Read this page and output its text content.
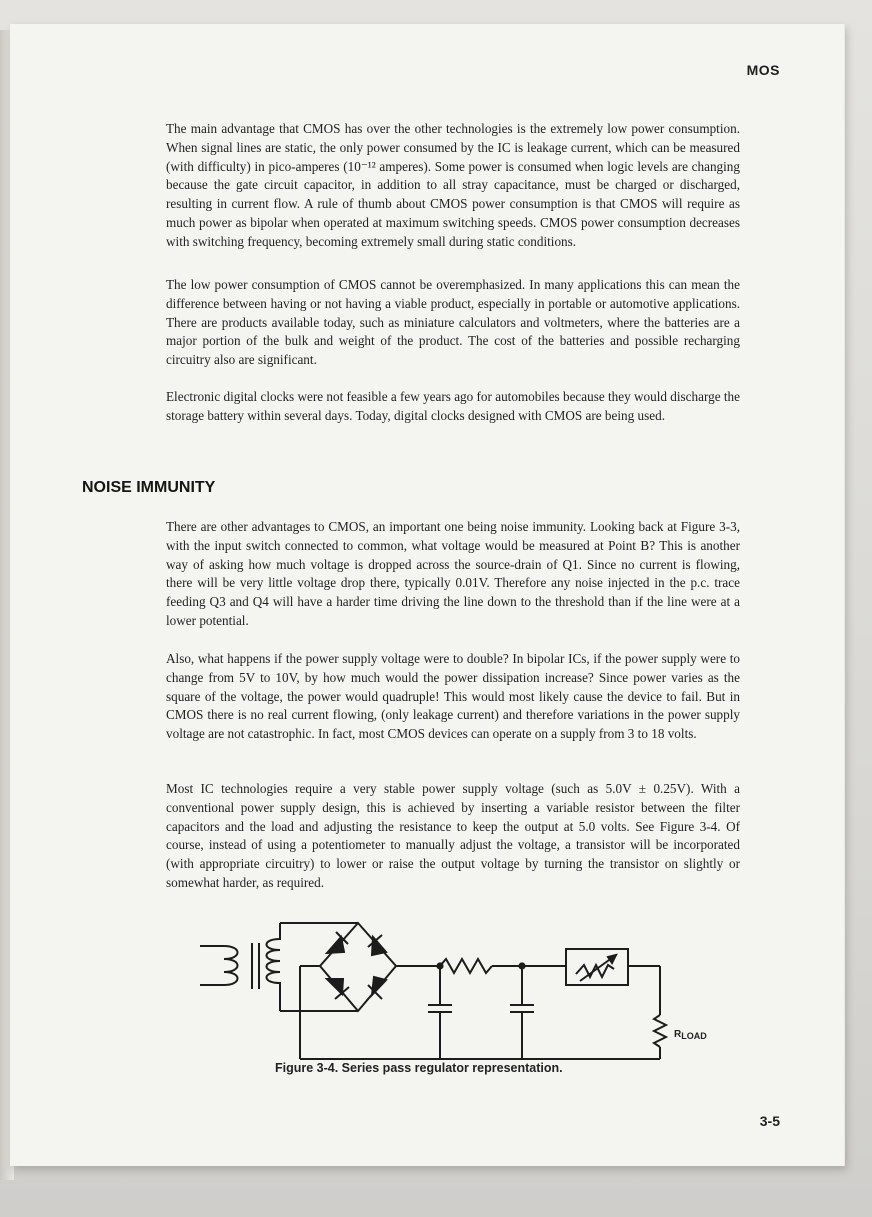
MOS

The main advantage that CMOS has over the other technologies is the extremely low power consumption. When signal lines are static, the only power consumed by the IC is leakage current, which can be measured (with difficulty) in pico-amperes (10⁻¹² amperes). Some power is consumed when logic levels are changing because the gate circuit capacitor, in addition to all stray capacitance, must be charged or discharged, resulting in current flow. A rule of thumb about CMOS power consumption is that CMOS will require as much power as bipolar when operated at maximum switching speeds. CMOS power consumption decreases with switching frequency, becoming extremely small during static conditions.

The low power consumption of CMOS cannot be overemphasized. In many applications this can mean the difference between having or not having a viable product, especially in portable or automotive applications. There are products available today, such as miniature calculators and voltmeters, where the batteries are a major portion of the bulk and weight of the product. The cost of the batteries and possible recharging circuitry also are significant.

Electronic digital clocks were not feasible a few years ago for automobiles because they would discharge the storage battery within several days. Today, digital clocks designed with CMOS are being used.

NOISE IMMUNITY

There are other advantages to CMOS, an important one being noise immunity. Looking back at Figure 3-3, with the input switch connected to common, what voltage would be measured at Point B? This is another way of asking how much voltage is dropped across the source-drain of Q1. Since no current is flowing, there will be very little voltage drop there, typically 0.01V. Therefore any noise injected in the p.c. trace feeding Q3 and Q4 will have a harder time driving the line down to the threshold than if the line were at a lower potential.

Also, what happens if the power supply voltage were to double? In bipolar ICs, if the power supply were to change from 5V to 10V, by how much would the power dissipation increase? Since power varies as the square of the voltage, the power would quadruple! This would most likely cause the device to fail. But in CMOS there is no real current flowing, (only leakage current) and therefore variations in the power supply voltage are not catastrophic. In fact, most CMOS devices can operate on a supply from 3 to 18 volts.

Most IC technologies require a very stable power supply voltage (such as 5.0V ± 0.25V). With a conventional power supply design, this is achieved by inserting a variable resistor between the filter capacitors and the load and adjusting the resistance to keep the output at 5.0 volts. See Figure 3-4. Of course, instead of using a potentiometer to manually adjust the voltage, a transistor will be incorporated (with appropriate circuitry) to lower or raise the output voltage by turning the transistor on slightly or somewhat harder, as required.

RLOAD
Figure 3-4. Series pass regulator representation.
3-5
